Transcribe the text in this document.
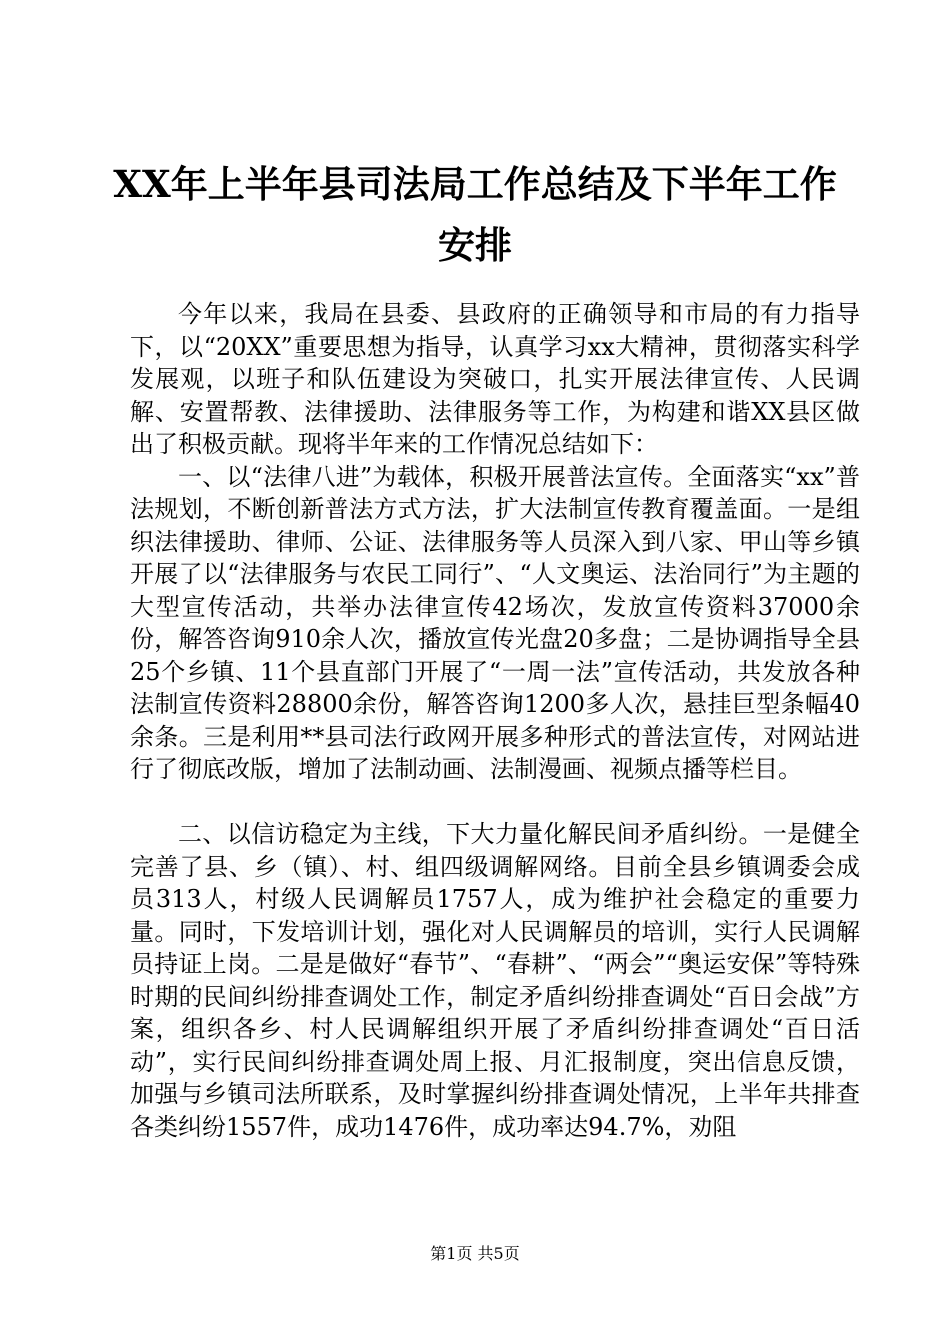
XX年上半年县司法局工作总结及下半年工作
安排

今年以来，我局在县委、县政府的正确领导和市局的有力指导下，以“20XX”重要思想为指导，认真学习xx大精神，贯彻落实科学发展观，以班子和队伍建设为突破口，扎实开展法律宣传、人民调解、安置帮教、法律援助、法律服务等工作，为构建和谐XX县区做出了积极贡献。现将半年来的工作情况总结如下：

一、以“法律八进”为载体，积极开展普法宣传。全面落实“xx”普法规划，不断创新普法方式方法，扩大法制宣传教育覆盖面。一是组织法律援助、律师、公证、法律服务等人员深入到八家、甲山等乡镇开展了以“法律服务与农民工同行”、“人文奥运、法治同行”为主题的大型宣传活动，共举办法律宣传42场次，发放宣传资料37000余份，解答咨询910余人次，播放宣传光盘20多盘；二是协调指导全县25个乡镇、11个县直部门开展了“一周一法”宣传活动，共发放各种法制宣传资料28800余份，解答咨询1200多人次，悬挂巨型条幅40余条。三是利用**县司法行政网开展多种形式的普法宣传，对网站进行了彻底改版，增加了法制动画、法制漫画、视频点播等栏目。

二、以信访稳定为主线，下大力量化解民间矛盾纠纷。一是健全完善了县、乡（镇）、村、组四级调解网络。目前全县乡镇调委会成员313人，村级人民调解员1757人，成为维护社会稳定的重要力量。同时，下发培训计划，强化对人民调解员的培训，实行人民调解员持证上岗。二是是做好“春节”、“春耕”、“两会”“奥运安保”等特殊时期的民间纠纷排查调处工作，制定矛盾纠纷排查调处“百日会战”方案，组织各乡、村人民调解组织开展了矛盾纠纷排查调处“百日活动”，实行民间纠纷排查调处周上报、月汇报制度，突出信息反馈，加强与乡镇司法所联系，及时掌握纠纷排查调处情况，上半年共排查各类纠纷1557件，成功1476件，成功率达94.7%，劝阻

第1页 共5页
